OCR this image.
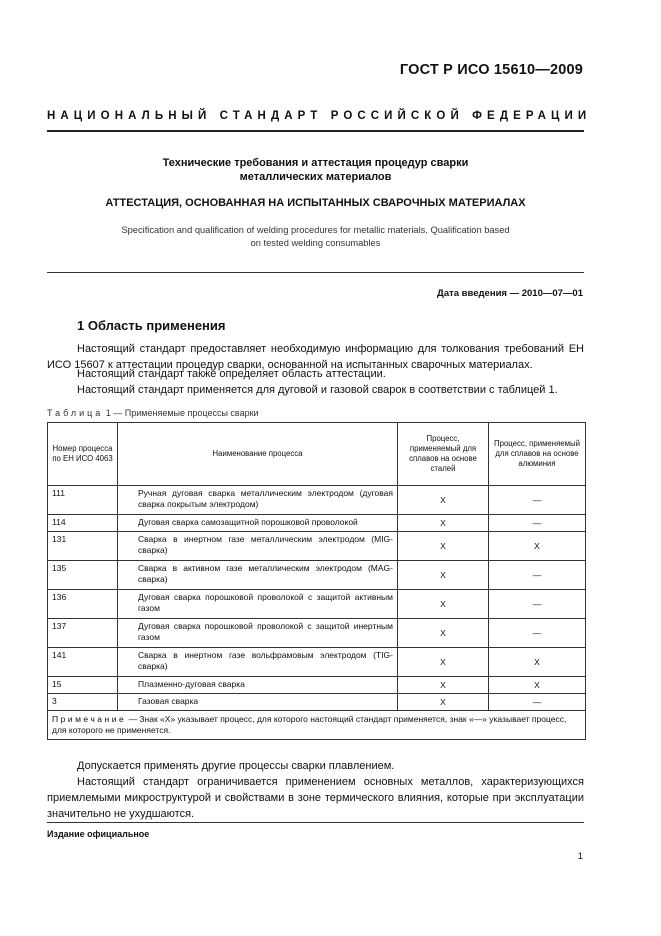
ГОСТ Р ИСО 15610—2009
НАЦИОНАЛЬНЫЙ СТАНДАРТ РОССИЙСКОЙ ФЕДЕРАЦИИ
Технические требования и аттестация процедур сварки
металлических материалов
АТТЕСТАЦИЯ, ОСНОВАННАЯ НА ИСПЫТАННЫХ СВАРОЧНЫХ МАТЕРИАЛАХ
Specification and qualification of welding procedures for metallic materials. Qualification based
on tested welding consumables
Дата введения — 2010—07—01
1 Область применения
Настоящий стандарт предоставляет необходимую информацию для толкования требований ЕН ИСО 15607 к аттестации процедур сварки, основанной на испытанных сварочных материалах.
Настоящий стандарт также определяет область аттестации.
Настоящий стандарт применяется для дуговой и газовой сварок в соответствии с таблицей 1.
Таблица 1 — Применяемые процессы сварки
Номер процесса по ЕН ИСО 4063	Наименование процесса	Процесс, применяемый для сплавов на основе сталей	Процесс, применяемый для сплавов на основе алюминия
111	Ручная дуговая сварка металлическим электродом (дуговая сварка покрытым электродом)	X	—
114	Дуговая сварка самозащитной порошковой проволокой	X	—
131	Сварка в инертном газе металлическим электродом (MIG-сварка)	X	X
135	Сварка в активном газе металлическим электродом (MAG-сварка)	X	—
136	Дуговая сварка порошковой проволокой с защитой активным газом	X	—
137	Дуговая сварка порошковой проволокой с защитой инертным газом	X	—
141	Сварка в инертном газе вольфрамовым электродом (TIG-сварка)	X	X
15	Плазменно-дуговая сварка	X	X
3	Газовая сварка	X	—
Примечание — Знак «X» указывает процесс, для которого настоящий стандарт применяется, знак «—» указывает процесс, для которого не применяется.			
Допускается применять другие процессы сварки плавлением.
Настоящий стандарт ограничивается применением основных металлов, характеризующихся приемлемыми микроструктурой и свойствами в зоне термического влияния, которые при эксплуатации значительно не ухудшаются.
Издание официальное
1
